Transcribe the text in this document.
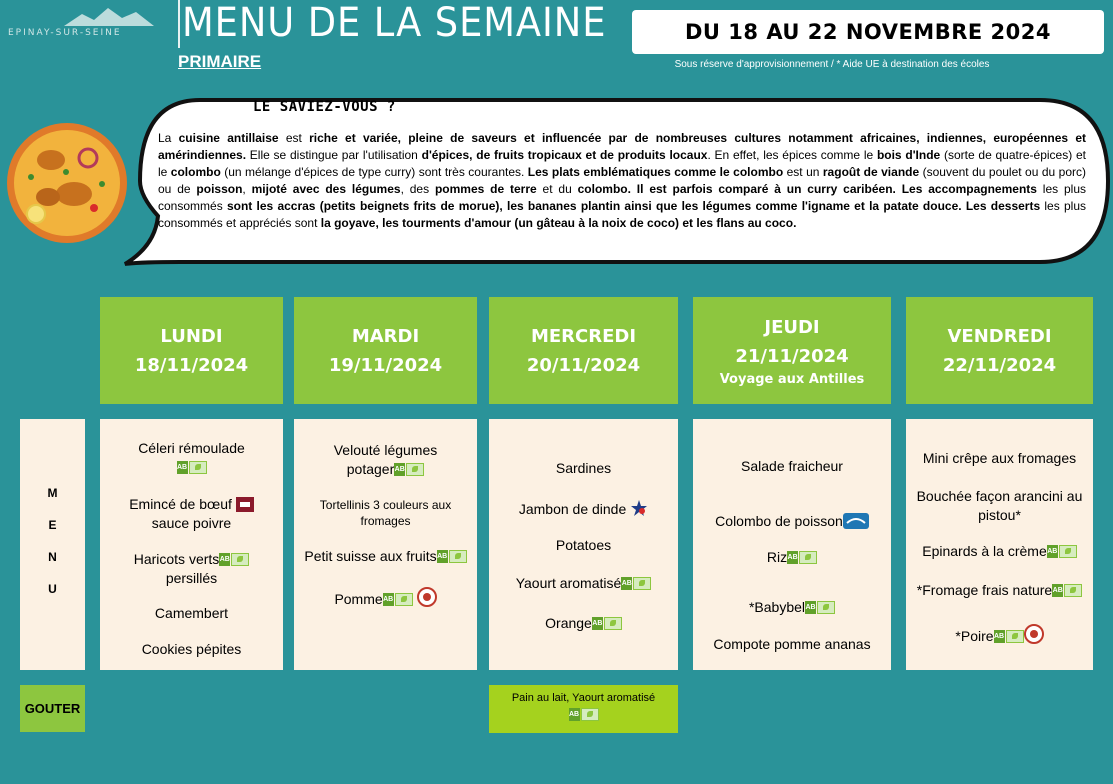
EPINAY-SUR-SEINE MENU DE LA SEMAINE
PRIMAIRE
DU 18 AU 22 NOVEMBRE 2024
Sous réserve d'approvisionnement / * Aide UE à destination des écoles
LE SAVIEZ-VOUS ?
La cuisine antillaise est riche et variée, pleine de saveurs et influencée par de nombreuses cultures notamment africaines, indiennes, européennes et amérindiennes. Elle se distingue par l'utilisation d'épices, de fruits tropicaux et de produits locaux. En effet, les épices comme le bois d'Inde (sorte de quatre-épices) et le colombo (un mélange d'épices de type curry) sont très courantes. Les plats emblématiques comme le colombo est un ragoût de viande (souvent du poulet ou du porc) ou de poisson, mijoté avec des légumes, des pommes de terre et du colombo. Il est parfois comparé à un curry caribéen. Les accompagnements les plus consommés sont les accras (petits beignets frits de morue), les bananes plantin ainsi que les légumes comme l'igname et la patate douce. Les desserts les plus consommés et appréciés sont la goyave, les tourments d'amour (un gâteau à la noix de coco) et les flans au coco.
LUNDI
18/11/2024
MARDI
19/11/2024
MERCREDI
20/11/2024
JEUDI
21/11/2024
Voyage aux Antilles
VENDREDI
22/11/2024
M
E
N
U
Céleri rémoulade

AB
Emincé de bœuf
sauce poivre
Haricots verts AB

persillés
Camembert
Cookies pépites
Velouté légumes
potager AB
Tortellinis 3 couleurs aux fromages
Petit suisse aux fruits AB
Pomme AB

Sardines
Jambon de dinde
Potatoes
Yaourt aromatisé AB
Orange AB
Salade fraicheur
Colombo de poisson
Riz AB
*Babybel AB
Compote pomme ananas
Mini crêpe aux fromages
Bouchée façon arancini au pistou*
Epinards à la crème AB
*Fromage frais nature AB
*Poire AB
GOUTER
Pain au lait, Yaourt aromatisé
AB
